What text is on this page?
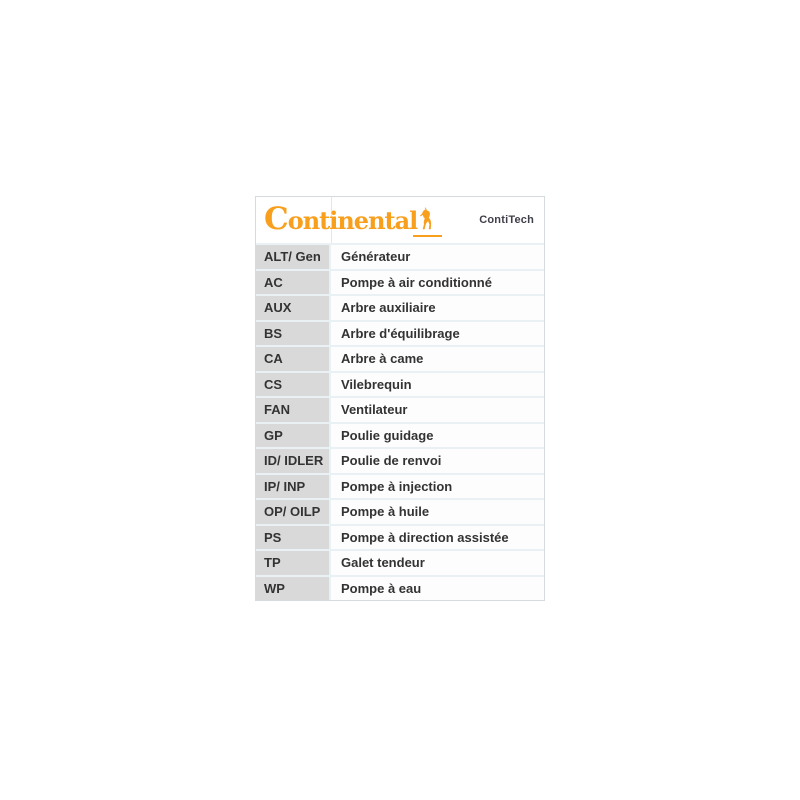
Continental	ContiTech
ALT/ Gen	Générateur
AC	Pompe à air conditionné
AUX	Arbre auxiliaire
BS	Arbre d'équilibrage
CA	Arbre à came
CS	Vilebrequin
FAN	Ventilateur
GP	Poulie guidage
ID/ IDLER	Poulie de renvoi
IP/ INP	Pompe à injection
OP/ OILP	Pompe à huile
PS	Pompe à direction assistée
TP	Galet tendeur
WP	Pompe à eau
